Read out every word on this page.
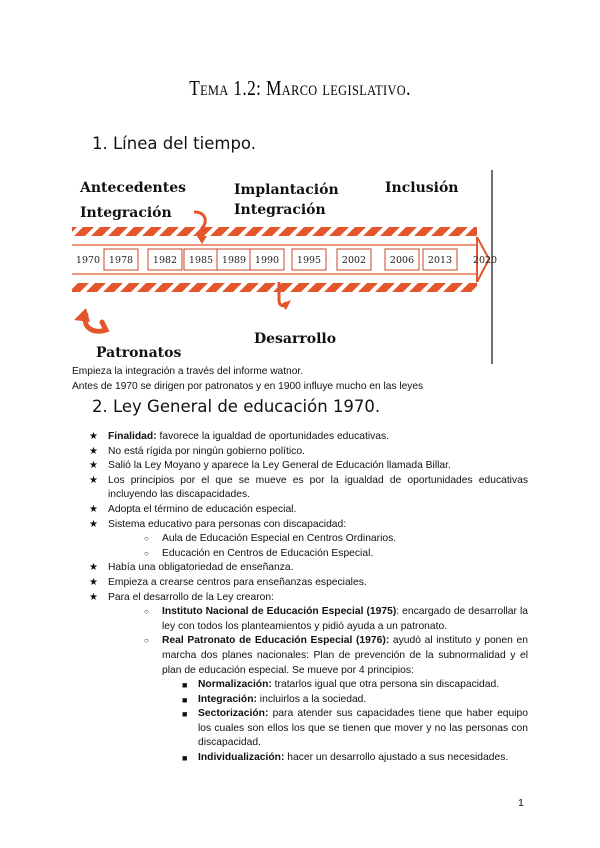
Tema 1.2: Marco legislativo.
1. Línea del tiempo.
1970 1978 1982 1985 1989 1990 1995 2002	2006 2013 2020
Antecedentes
Integración
Implantación
Integración
Inclusión
Desarrollo
Patronatos
Empieza la integración a través del informe watnor.
Antes de 1970 se dirigen por patronatos y en 1900 influye mucho en las leyes
2. Ley General de educación 1970.
★ Finalidad: favorece la igualdad de oportunidades educativas.
★ No está rígida por ningún gobierno político.
★ Salió la Ley Moyano y aparece la Ley General de Educación llamada Billar.
★ Los principios por el que se mueve es por la igualdad de oportunidades educativas incluyendo las discapacidades.
★ Adopta el término de educación especial.
★ Sistema educativo para personas con discapacidad:
○ Aula de Educación Especial en Centros Ordinarios.
○ Educación en Centros de Educación Especial.
★ Había una obligatoriedad de enseñanza.
★ Empieza a crearse centros para enseñanzas especiales.
★ Para el desarrollo de la Ley crearon:
○ Instituto Nacional de Educación Especial (1975): encargado de desarrollar la ley con todos los planteamientos y pidió ayuda a un patronato.
○ Real Patronato de Educación Especial (1976): ayudó al instituto y ponen en marcha dos planes nacionales: Plan de prevención de la subnormalidad y el plan de educación especial. Se mueve por 4 principios:
■ Normalización: tratarlos igual que otra persona sin discapacidad.
■ Integración: incluirlos a la sociedad.
■ Sectorización: para atender sus capacidades tiene que haber equipo los cuales son ellos los que se tienen que mover y no las personas con discapacidad.
■ Individualización: hacer un desarrollo ajustado a sus necesidades.
1
